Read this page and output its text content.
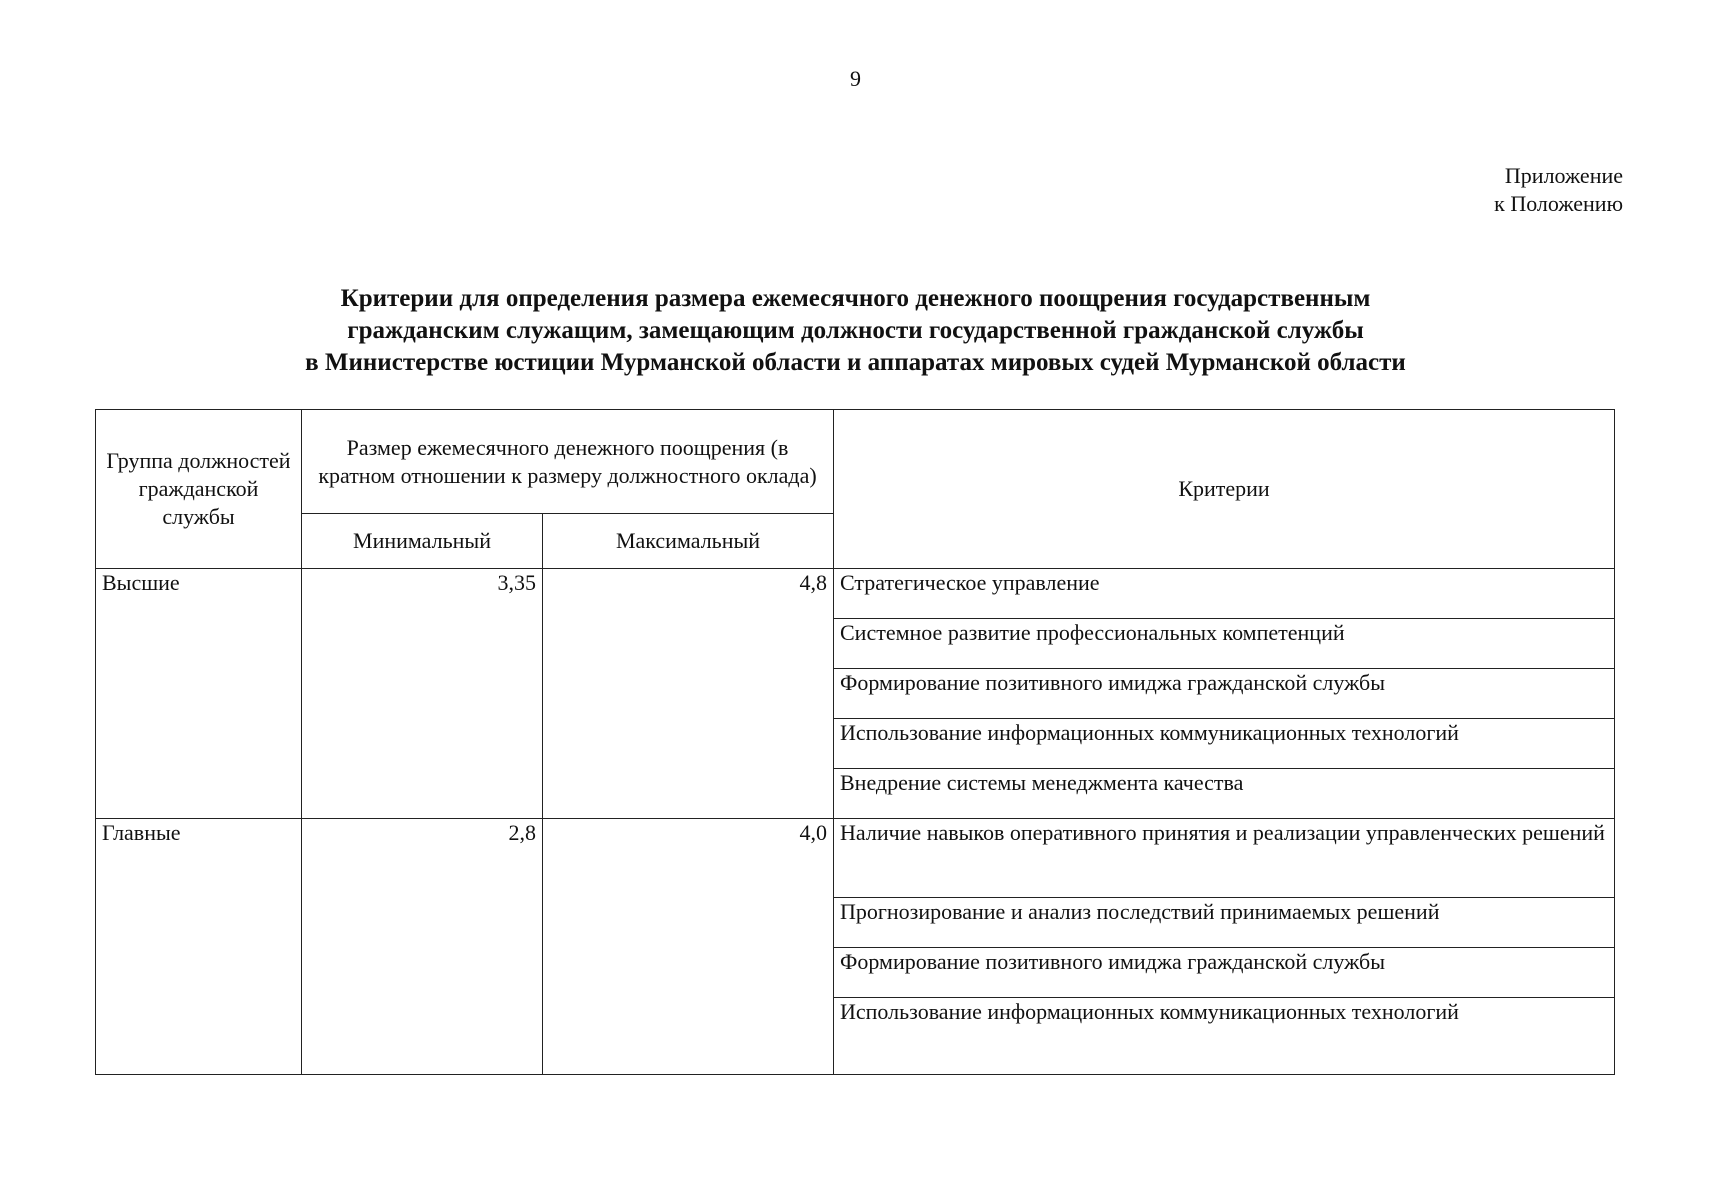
9
Приложение
к Положению
Критерии для определения размера ежемесячного денежного поощрения государственным
гражданским служащим, замещающим должности государственной гражданской службы
в Министерстве юстиции Мурманской области и аппаратах мировых судей Мурманской области
Группа должностей гражданской службы	Размер ежемесячного денежного поощрения (в кратном отношении к размеру должностного оклада)		Критерии
	Минимальный	Максимальный	
Высшие	3,35	4,8	Стратегическое управление
			Системное развитие профессиональных компетенций
			Формирование позитивного имиджа гражданской службы
			Использование информационных коммуникационных технологий
			Внедрение системы менеджмента качества
Главные	2,8	4,0	Наличие навыков оперативного принятия и реализации управленческих решений
			Прогнозирование и анализ последствий принимаемых решений
			Формирование позитивного имиджа гражданской службы
			Использование информационных коммуникационных технологий
